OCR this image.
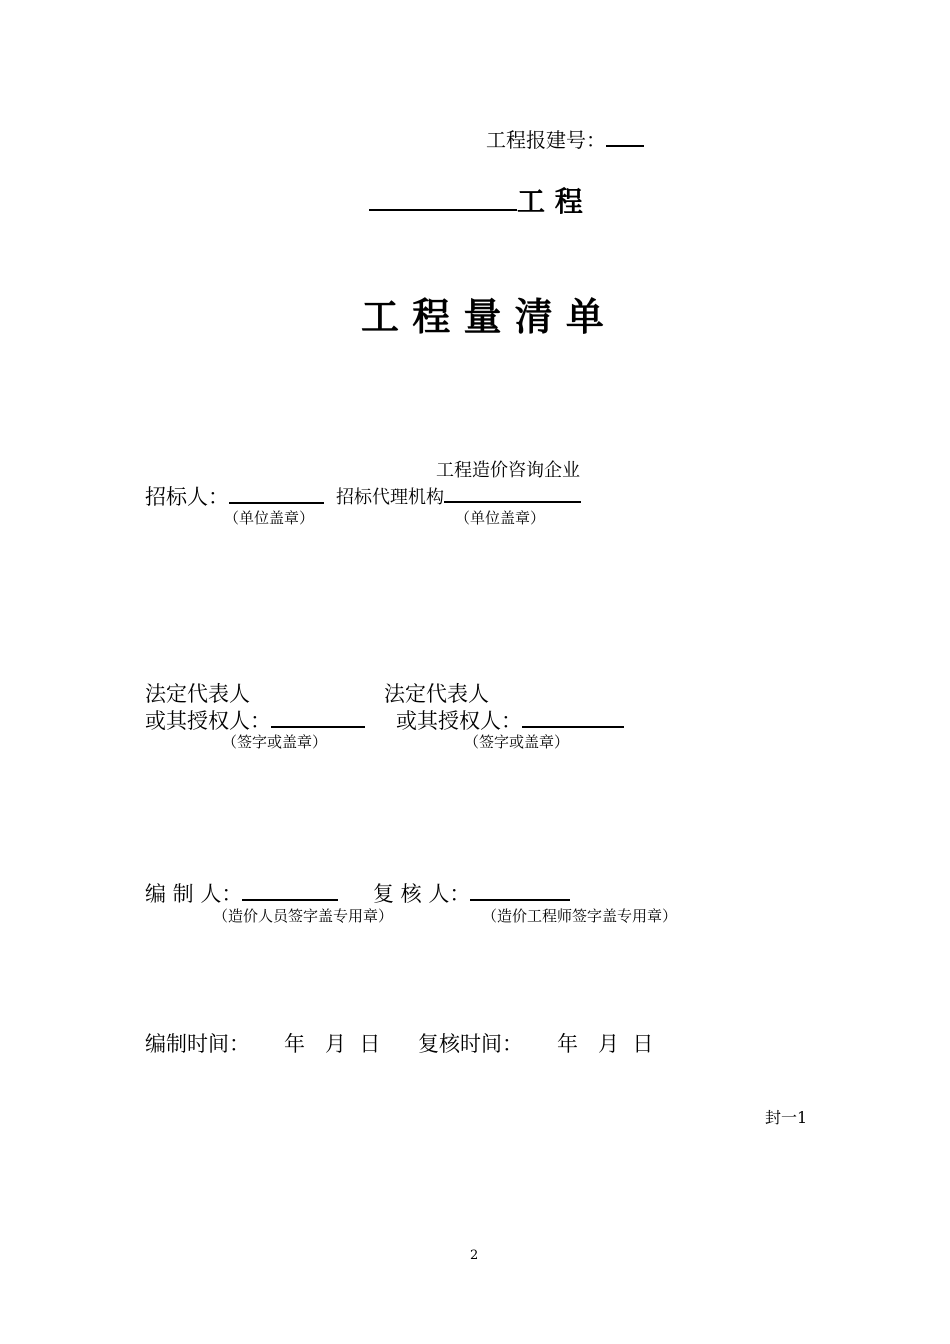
工程报建号：
工 程
工 程 量 清 单
工程造价咨询企业
招标人：	招标代理机构
（单位盖章）	（单位盖章）
法定代表人
或其授权人：
（签字或盖章）
法定代表人
或其授权人：
（签字或盖章）
编 制 人：
（造价人员签字盖专用章）
复 核 人：
（造价工程师签字盖专用章）
编制时间： 年   月  日 复核时间： 年   月  日
封一1
2
